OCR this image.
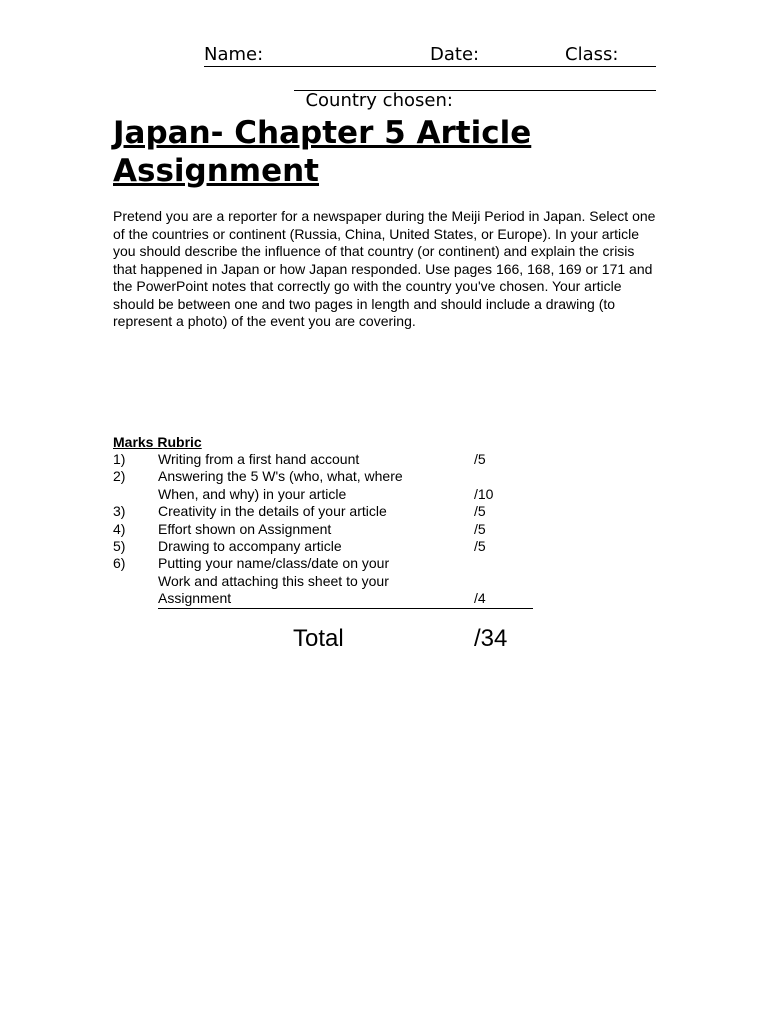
Name:

	Date:

	Class:

Country chosen:

Japan- Chapter 5 Article Assignment

Pretend you are a reporter for a newspaper during the Meiji Period in Japan. Select one of the countries or continent (Russia, China, United States, or Europe). In your article you should describe the influence of that country (or continent) and explain the crisis that happened in Japan or how Japan responded. Use pages 166, 168, 169 or 171 and the PowerPoint notes that correctly go with the country you've chosen. Your article should be between one and two pages in length and should include a drawing (to represent a photo) of the event you are covering.

Marks Rubric
1) Writing from a first hand account	/5
2) Answering the 5 W's (who, what, where
When, and why) in your article	/10
3) Creativity in the details of your article	/5
4) Effort shown on Assignment	/5
5) Drawing to accompany article	/5
6) Putting your name/class/date on your
Work and attaching this sheet to your
Assignment	/4
Total	/34
